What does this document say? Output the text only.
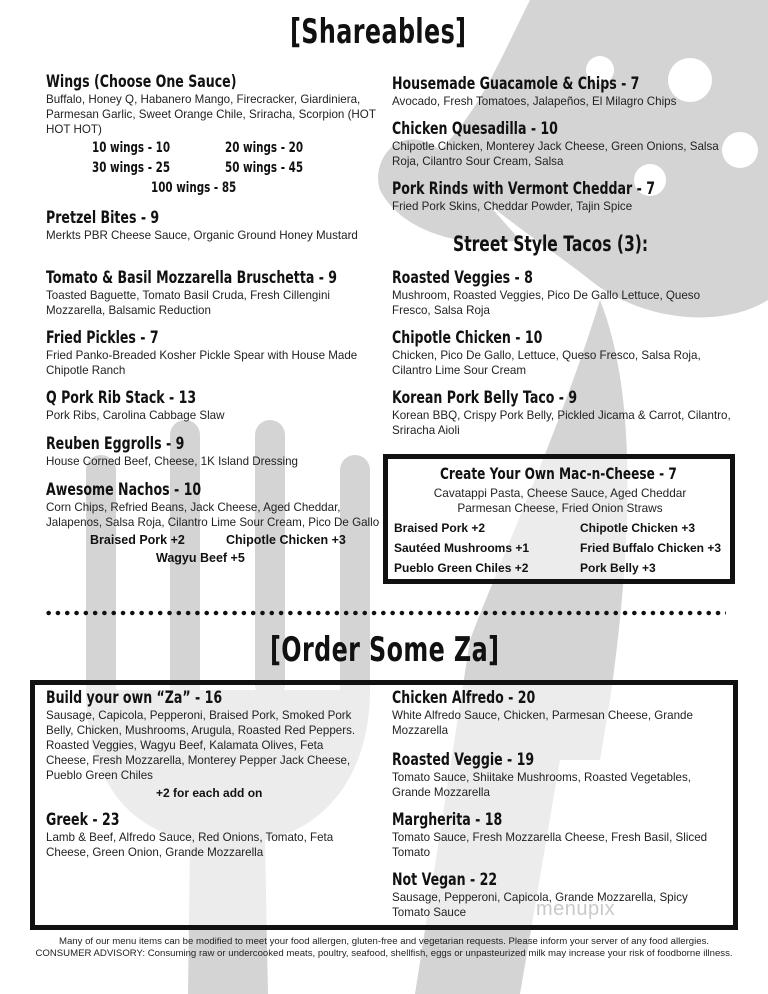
[Shareables]
Wings (Choose One Sauce)
Buffalo, Honey Q, Habanero Mango, Firecracker, Giardiniera, Parmesan Garlic, Sweet Orange Chile, Sriracha, Scorpion (HOT HOT HOT)
10 wings - 10	20 wings - 20
30 wings - 25	50 wings - 45
100 wings - 85
Pretzel Bites - 9
Merkts PBR Cheese Sauce, Organic Ground Honey Mustard
Tomato & Basil Mozzarella Bruschetta - 9
Toasted Baguette, Tomato Basil Cruda, Fresh Cillengini Mozzarella, Balsamic Reduction
Fried Pickles - 7
Fried Panko-Breaded Kosher Pickle Spear with House Made Chipotle Ranch
Q Pork Rib Stack - 13
Pork Ribs, Carolina Cabbage Slaw
Reuben Eggrolls - 9
House Corned Beef, Cheese, 1K Island Dressing
Awesome Nachos - 10
Corn Chips, Refried Beans, Jack Cheese, Aged Cheddar, Jalapenos, Salsa Roja, Cilantro Lime Sour Cream, Pico De Gallo
Braised Pork +2	Chipotle Chicken +3
Wagyu Beef +5
Housemade Guacamole & Chips - 7
Avocado, Fresh Tomatoes, Jalapeños, El Milagro Chips
Chicken Quesadilla - 10
Chipotle Chicken, Monterey Jack Cheese, Green Onions, Salsa Roja, Cilantro Sour Cream, Salsa
Pork Rinds with Vermont Cheddar - 7
Fried Pork Skins, Cheddar Powder, Tajin Spice
Street Style Tacos (3):
Roasted Veggies - 8
Mushroom, Roasted Veggies, Pico De Gallo Lettuce, Queso Fresco, Salsa Roja
Chipotle Chicken - 10
Chicken, Pico De Gallo, Lettuce, Queso Fresco, Salsa Roja, Cilantro Lime Sour Cream
Korean Pork Belly Taco - 9
Korean BBQ, Crispy Pork Belly, Pickled Jicama & Carrot, Cilantro, Sriracha Aioli
Create Your Own Mac-n-Cheese - 7
Cavatappi Pasta, Cheese Sauce, Aged Cheddar Parmesan Cheese, Fried Onion Straws
Braised Pork +2	Chipotle Chicken +3
Sautéed Mushrooms +1	Fried Buffalo Chicken +3
Pueblo Green Chiles +2	Pork Belly +3
[Order Some Za]
Build your own “Za” - 16
Sausage, Capicola, Pepperoni, Braised Pork, Smoked Pork Belly, Chicken, Mushrooms, Arugula, Roasted Red Peppers. Roasted Veggies, Wagyu Beef, Kalamata Olives, Feta Cheese, Fresh Mozzarella, Monterey Pepper Jack Cheese, Pueblo Green Chiles
+2 for each add on
Greek - 23
Lamb & Beef, Alfredo Sauce, Red Onions, Tomato, Feta Cheese, Green Onion, Grande Mozzarella
Chicken Alfredo - 20
White Alfredo Sauce, Chicken, Parmesan Cheese, Grande Mozzarella
Roasted Veggie - 19
Tomato Sauce, Shiitake Mushrooms, Roasted Vegetables, Grande Mozzarella
Margherita - 18
Tomato Sauce, Fresh Mozzarella Cheese, Fresh Basil, Sliced Tomato
Not Vegan - 22
Sausage, Pepperoni, Capicola, Grande Mozzarella, Spicy Tomato Sauce	menupix
Many of our menu items can be modified to meet your food allergen, gluten-free and vegetarian requests. Please inform your server of any food allergies.
CONSUMER ADVISORY: Consuming raw or undercooked meats, poultry, seafood, shellfish, eggs or unpasteurized milk may increase your risk of foodborne illness.
